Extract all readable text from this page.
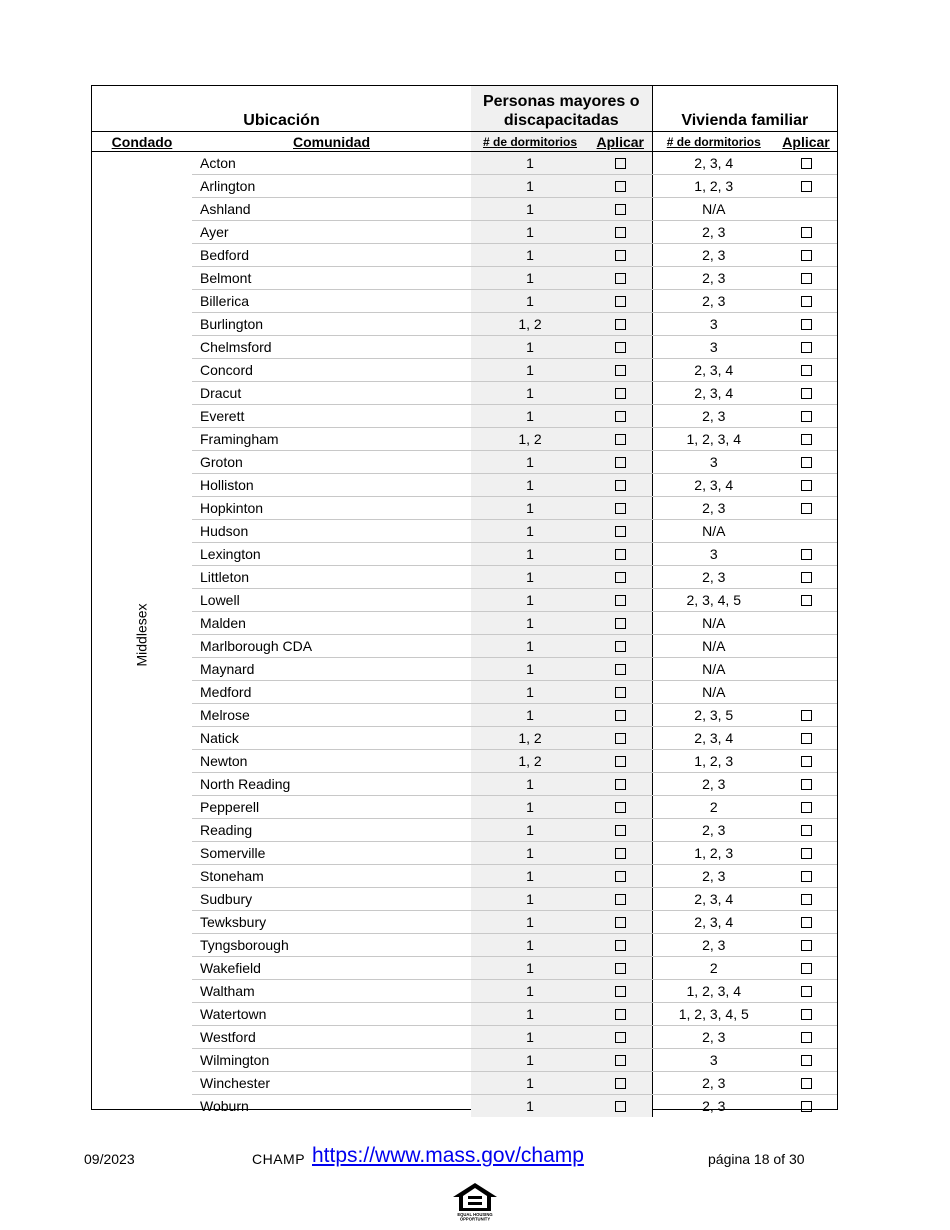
Ubicación		Personas mayores o discapacitadas		Vivienda familiar	
Condado	Comunidad	# de dormitorios	Aplicar	# de dormitorios	Aplicar
Middlesex	Acton	1		2, 3, 4	
	Arlington	1		1, 2, 3	
	Ashland	1		N/A	
	Ayer	1		2, 3	
	Bedford	1		2, 3	
	Belmont	1		2, 3	
	Billerica	1		2, 3	
	Burlington	1, 2		3	
	Chelmsford	1		3	
	Concord	1		2, 3, 4	
	Dracut	1		2, 3, 4	
	Everett	1		2, 3	
	Framingham	1, 2		1, 2, 3, 4	
	Groton	1		3	
	Holliston	1		2, 3, 4	
	Hopkinton	1		2, 3	
	Hudson	1		N/A	
	Lexington	1		3	
	Littleton	1		2, 3	
	Lowell	1		2, 3, 4, 5	
	Malden	1		N/A	
	Marlborough CDA	1		N/A	
	Maynard	1		N/A	
	Medford	1		N/A	
	Melrose	1		2, 3, 5	
	Natick	1, 2		2, 3, 4	
	Newton	1, 2		1, 2, 3	
	North Reading	1		2, 3	
	Pepperell	1		2	
	Reading	1		2, 3	
	Somerville	1		1, 2, 3	
	Stoneham	1		2, 3	
	Sudbury	1		2, 3, 4	
	Tewksbury	1		2, 3, 4	
	Tyngsborough	1		2, 3	
	Wakefield	1		2	
	Waltham	1		1, 2, 3, 4	
	Watertown	1		1, 2, 3, 4, 5	
	Westford	1		2, 3	
	Wilmington	1		3	
	Winchester	1		2, 3	
	Woburn	1		2, 3	
09/2023	CHAMP https://www.mass.gov/champ	página 18 of 30
EQUAL HOUSING
OPPORTUNITY
